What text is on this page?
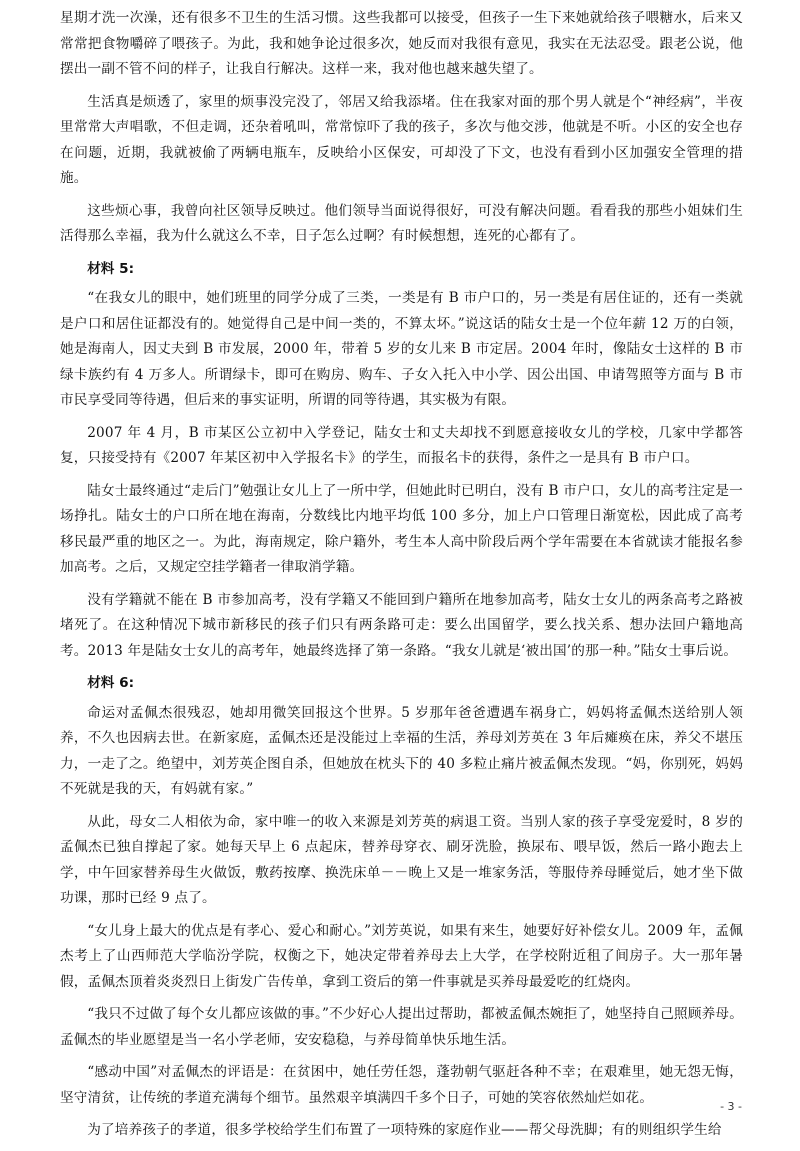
星期才洗一次澡，还有很多不卫生的生活习惯。这些我都可以接受，但孩子一生下来她就给孩子喂糖水，后来又常常把食物嚼碎了喂孩子。为此，我和她争论过很多次，她反而对我很有意见，我实在无法忍受。跟老公说，他摆出一副不管不问的样子，让我自行解决。这样一来，我对他也越来越失望了。

生活真是烦透了，家里的烦事没完没了，邻居又给我添堵。住在我家对面的那个男人就是个“神经病”，半夜里常常大声唱歌，不但走调，还杂着吼叫，常常惊吓了我的孩子，多次与他交涉，他就是不听。小区的安全也存在问题，近期，我就被偷了两辆电瓶车，反映给小区保安，可却没了下文，也没有看到小区加强安全管理的措施。

这些烦心事，我曾向社区领导反映过。他们领导当面说得很好，可没有解决问题。看看我的那些小姐妹们生活得那么幸福，我为什么就这么不幸，日子怎么过啊？有时候想想，连死的心都有了。

材料 5:

“在我女儿的眼中，她们班里的同学分成了三类，一类是有 B 市户口的，另一类是有居住证的，还有一类就是户口和居住证都没有的。她觉得自己是中间一类的，不算太坏。”说这话的陆女士是一个位年薪 12 万的白领，她是海南人，因丈夫到 B 市发展，2000 年，带着 5 岁的女儿来 B 市定居。2004 年时，像陆女士这样的 B 市绿卡族约有 4 万多人。所谓绿卡，即可在购房、购车、子女入托入中小学、因公出国、申请驾照等方面与 B 市市民享受同等待遇，但后来的事实证明，所谓的同等待遇，其实极为有限。

2007 年 4 月，B 市某区公立初中入学登记，陆女士和丈夫却找不到愿意接收女儿的学校，几家中学都答复，只接受持有《2007 年某区初中入学报名卡》的学生，而报名卡的获得，条件之一是具有 B 市户口。

陆女士最终通过“走后门”勉强让女儿上了一所中学，但她此时已明白，没有 B 市户口，女儿的高考注定是一场挣扎。陆女士的户口所在地在海南，分数线比内地平均低 100 多分，加上户口管理日渐宽松，因此成了高考移民最严重的地区之一。为此，海南规定，除户籍外，考生本人高中阶段后两个学年需要在本省就读才能报名参加高考。之后，又规定空挂学籍者一律取消学籍。

没有学籍就不能在 B 市参加高考，没有学籍又不能回到户籍所在地参加高考，陆女士女儿的两条高考之路被堵死了。在这种情况下城市新移民的孩子们只有两条路可走：要么出国留学，要么找关系、想办法回户籍地高考。2013 年是陆女士女儿的高考年，她最终选择了第一条路。“我女儿就是‘被出国’的那一种。”陆女士事后说。

材料 6:

命运对孟佩杰很残忍，她却用微笑回报这个世界。5 岁那年爸爸遭遇车祸身亡，妈妈将孟佩杰送给别人领养，不久也因病去世。在新家庭，孟佩杰还是没能过上幸福的生活，养母刘芳英在 3 年后瘫痪在床，养父不堪压力，一走了之。绝望中，刘芳英企图自杀，但她放在枕头下的 40 多粒止痛片被孟佩杰发现。“妈，你别死，妈妈不死就是我的天，有妈就有家。”

从此，母女二人相依为命，家中唯一的收入来源是刘芳英的病退工资。当别人家的孩子享受宠爱时，8 岁的孟佩杰已独自撑起了家。她每天早上 6 点起床，替养母穿衣、刷牙洗脸，换尿布、喂早饭，然后一路小跑去上学，中午回家替养母生火做饭，敷药按摩、换洗床单－－晚上又是一堆家务活，等服侍养母睡觉后，她才坐下做功课，那时已经 9 点了。

“女儿身上最大的优点是有孝心、爱心和耐心。”刘芳英说，如果有来生，她要好好补偿女儿。2009 年，孟佩杰考上了山西师范大学临汾学院，权衡之下，她决定带着养母去上大学，在学校附近租了间房子。大一那年暑假，孟佩杰顶着炎炎烈日上街发广告传单，拿到工资后的第一件事就是买养母最爱吃的红烧肉。

“我只不过做了每个女儿都应该做的事。”不少好心人提出过帮助，都被孟佩杰婉拒了，她坚持自己照顾养母。孟佩杰的毕业愿望是当一名小学老师，安安稳稳，与养母简单快乐地生活。

“感动中国”对孟佩杰的评语是：在贫困中，她任劳任怨，蓬勃朝气驱赶各种不幸；在艰难里，她无怨无悔，坚守清贫，让传统的孝道充满每个细节。虽然艰辛填满四千多个日子，可她的笑容依然灿烂如花。

为了培养孩子的孝道，很多学校给学生们布置了一项特殊的家庭作业——帮父母洗脚；有的则组织学生给

- 3 -
